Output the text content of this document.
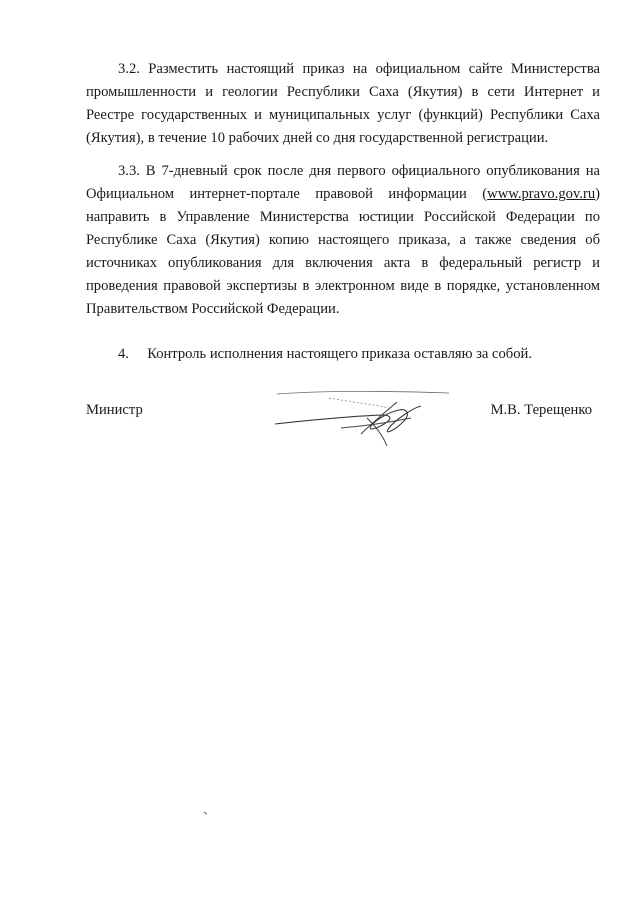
3.2. Разместить настоящий приказ на официальном сайте Министерства промышленности и геологии Республики Саха (Якутия) в сети Интернет и Реестре государственных и муниципальных услуг (функций) Республики Саха (Якутия), в течение 10 рабочих дней со дня государственной регистрации.

3.3. В 7-дневный срок после дня первого официального опубликования на Официальном интернет-портале правовой информации (www.pravo.gov.ru) направить в Управление Министерства юстиции Российской Федерации по Республике Саха (Якутия) копию настоящего приказа, а также сведения об источниках опубликования для включения акта в федеральный регистр и проведения правовой экспертизы в электронном виде в порядке, установленном Правительством Российской Федерации.

4.     Контроль исполнения настоящего приказа оставляю за собой.

Министр	М.В. Терещенко
